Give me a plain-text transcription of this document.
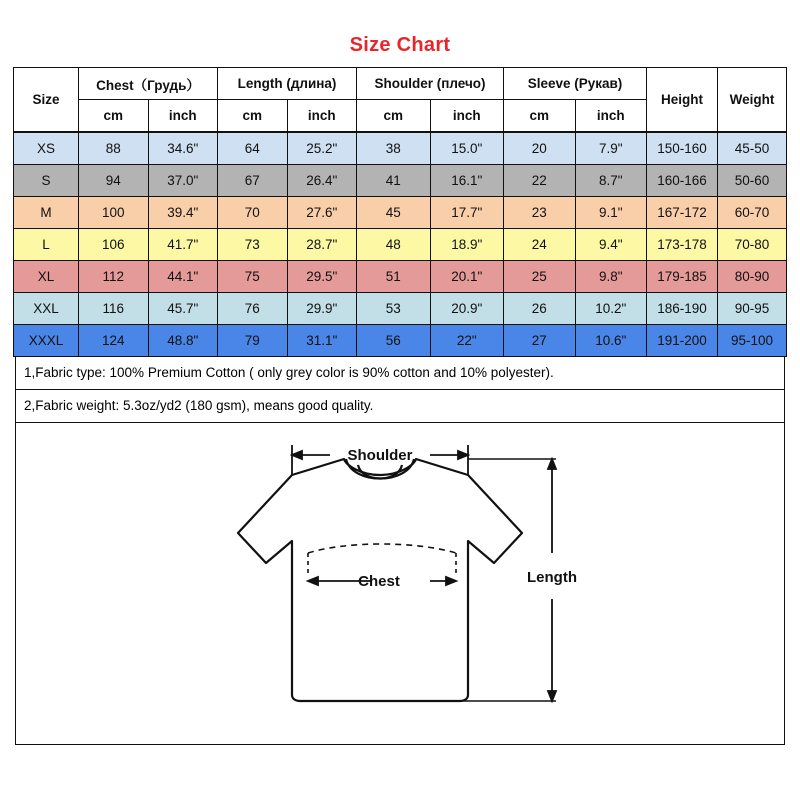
Size Chart
Size	Chest（Грудь）		Length (длина)		Shoulder (плечо)		Sleeve (Рукав)		Height	Weight
	cm	inch	cm	inch	cm	inch	cm	inch		

XS	88	34.6"	64	25.2"	38	15.0"	20	7.9"	150-160	45-50
S	94	37.0"	67	26.4"	41	16.1"	22	8.7"	160-166	50-60
M	100	39.4"	70	27.6"	45	17.7"	23	9.1"	167-172	60-70
L	106	41.7"	73	28.7"	48	18.9"	24	9.4"	173-178	70-80
XL	112	44.1"	75	29.5"	51	20.1"	25	9.8"	179-185	80-90
XXL	116	45.7"	76	29.9"	53	20.9"	26	10.2"	186-190	90-95
XXXL	124	48.8"	79	31.1"	56	22"	27	10.6"	191-200	95-100
1,Fabric type: 100% Premium Cotton ( only grey color is 90% cotton and 10% polyester).
2,Fabric weight: 5.3oz/yd2 (180 gsm), means good quality.
Chest
Shoulder
Length
